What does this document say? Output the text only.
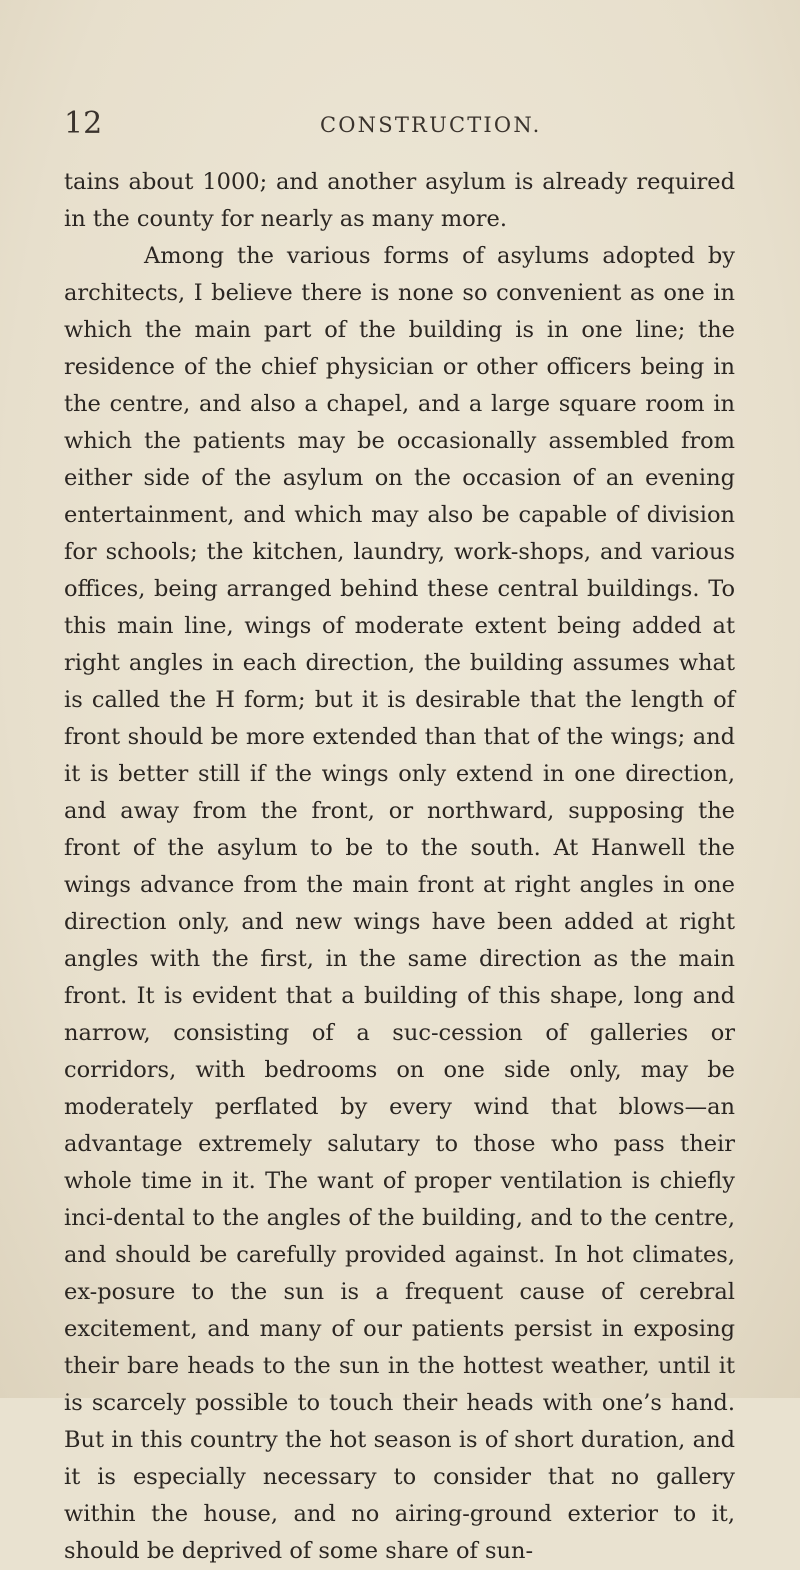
12	CONSTRUCTION.

tains about 1000; and another asylum is already required in the county for nearly as many more.

Among the various forms of asylums adopted by architects, I believe there is none so convenient as one in which the main part of the building is in one line; the residence of the chief physician or other officers being in the centre, and also a chapel, and a large square room in which the patients may be occasionally assembled from either side of the asylum on the occasion of an evening entertainment, and which may also be capable of division for schools; the kitchen, laundry, work-shops, and various offices, being arranged behind these central buildings. To this main line, wings of moderate extent being added at right angles in each direction, the building assumes what is called the H form; but it is desirable that the length of front should be more extended than that of the wings; and it is better still if the wings only extend in one direction, and away from the front, or northward, supposing the front of the asylum to be to the south. At Hanwell the wings advance from the main front at right angles in one direction only, and new wings have been added at right angles with the first, in the same direction as the main front. It is evident that a building of this shape, long and narrow, consisting of a suc-cession of galleries or corridors, with bedrooms on one side only, may be moderately perflated by every wind that blows—an advantage extremely salutary to those who pass their whole time in it. The want of proper ventilation is chiefly inci-dental to the angles of the building, and to the centre, and should be carefully provided against. In hot climates, ex-posure to the sun is a frequent cause of cerebral excitement, and many of our patients persist in exposing their bare heads to the sun in the hottest weather, until it is scarcely possible to touch their heads with one’s hand. But in this country the hot season is of short duration, and it is especially necessary to consider that no gallery within the house, and no airing-ground exterior to it, should be deprived of some share of sun-
